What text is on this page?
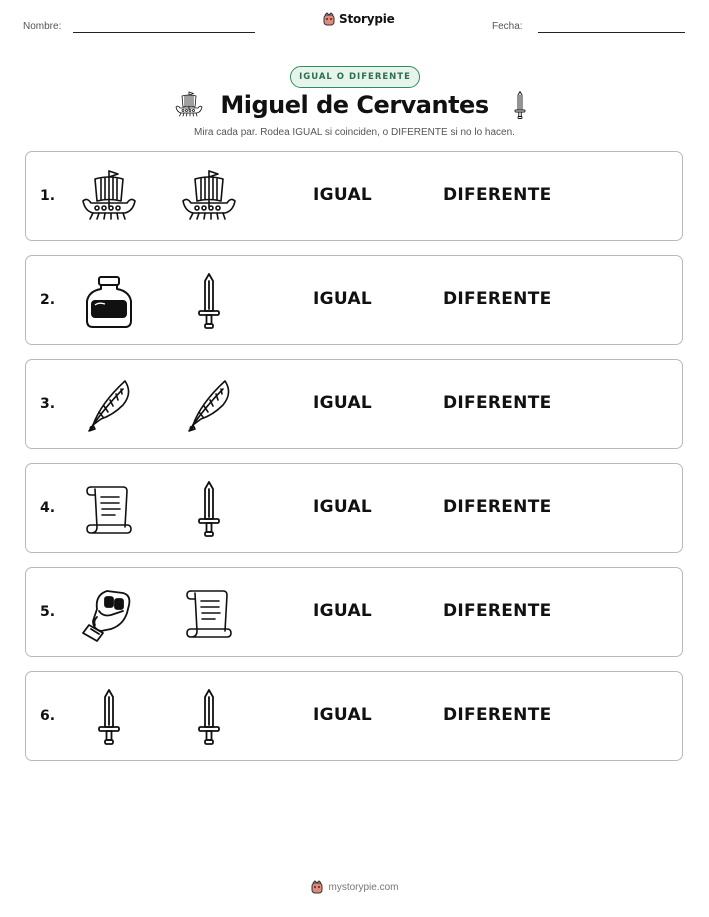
Nombre:
Storypie
Fecha:
IGUAL O DIFERENTE
Miguel de Cervantes
Mira cada par. Rodea IGUAL si coinciden, o DIFERENTE si no lo hacen.
1.	IGUAL	DIFERENTE
2.	IGUAL	DIFERENTE
3.	IGUAL	DIFERENTE
4.	IGUAL	DIFERENTE
5.	IGUAL	DIFERENTE
6.	IGUAL	DIFERENTE
mystorypie.com
